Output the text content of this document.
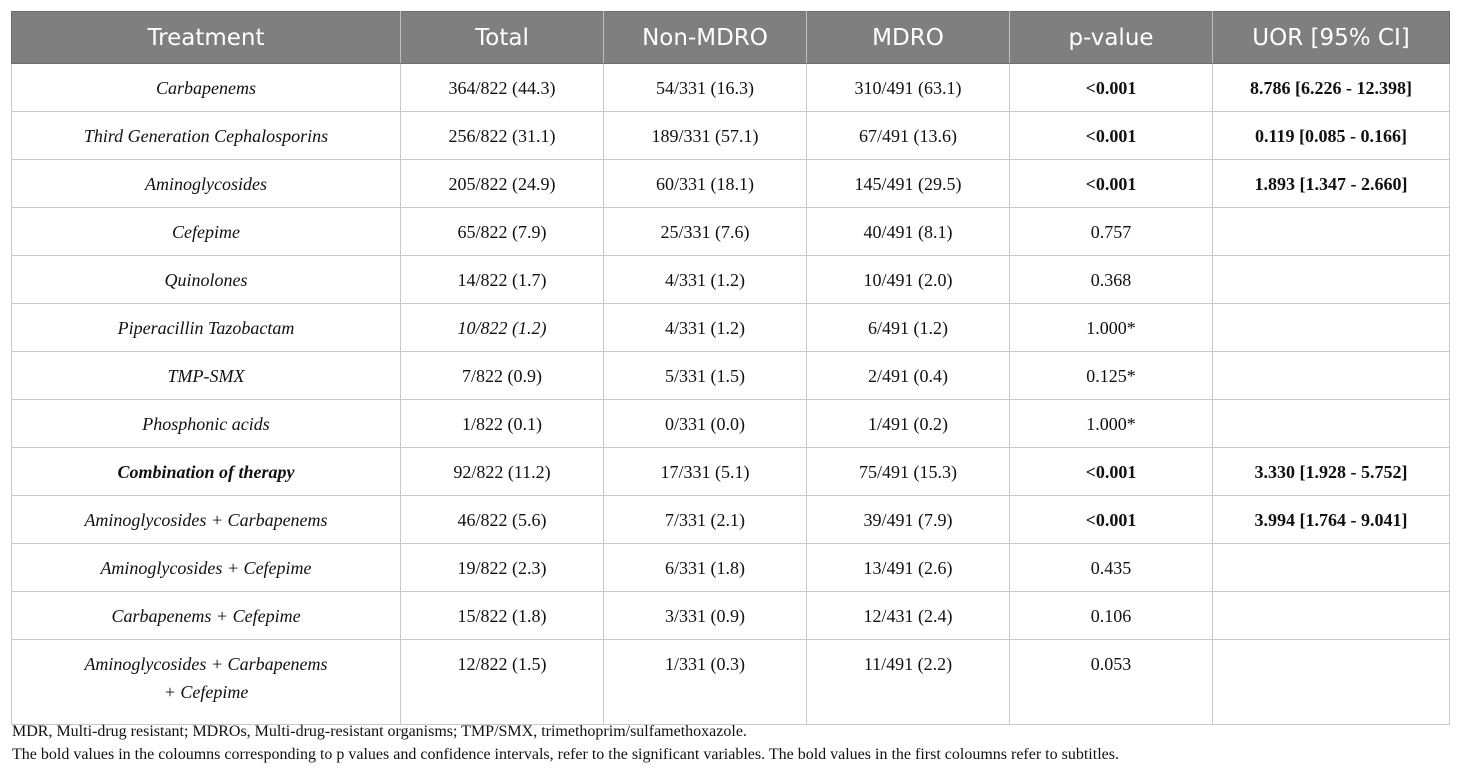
Treatment	Total	Non-MDRO	MDRO	p-value	UOR [95% CI]
Carbapenems	364/822 (44.3)	54/331 (16.3)	310/491 (63.1)	<0.001	8.786 [6.226 - 12.398]
Third Generation Cephalosporins	256/822 (31.1)	189/331 (57.1)	67/491 (13.6)	<0.001	0.119 [0.085 - 0.166]
Aminoglycosides	205/822 (24.9)	60/331 (18.1)	145/491 (29.5)	<0.001	1.893 [1.347 - 2.660]
Cefepime	65/822 (7.9)	25/331 (7.6)	40/491 (8.1)	0.757	
Quinolones	14/822 (1.7)	4/331 (1.2)	10/491 (2.0)	0.368	
Piperacillin Tazobactam	10/822 (1.2)	4/331 (1.2)	6/491 (1.2)	1.000*	
TMP-SMX	7/822 (0.9)	5/331 (1.5)	2/491 (0.4)	0.125*	
Phosphonic acids	1/822 (0.1)	0/331 (0.0)	1/491 (0.2)	1.000*	
Combination of therapy	92/822 (11.2)	17/331 (5.1)	75/491 (15.3)	<0.001	3.330 [1.928 - 5.752]
Aminoglycosides + Carbapenems	46/822 (5.6)	7/331 (2.1)	39/491 (7.9)	<0.001	3.994 [1.764 - 9.041]
Aminoglycosides + Cefepime	19/822 (2.3)	6/331 (1.8)	13/491 (2.6)	0.435	
Carbapenems + Cefepime	15/822 (1.8)	3/331 (0.9)	12/431 (2.4)	0.106	
Aminoglycosides + Carbapenems
+ Cefepime	12/822 (1.5)	1/331 (0.3)	11/491 (2.2)	0.053	

MDR, Multi-drug resistant; MDROs, Multi-drug-resistant organisms; TMP/SMX, trimethoprim/sulfamethoxazole.

The bold values in the coloumns corresponding to p values and confidence intervals, refer to the significant variables. The bold values in the first coloumns refer to subtitles.
